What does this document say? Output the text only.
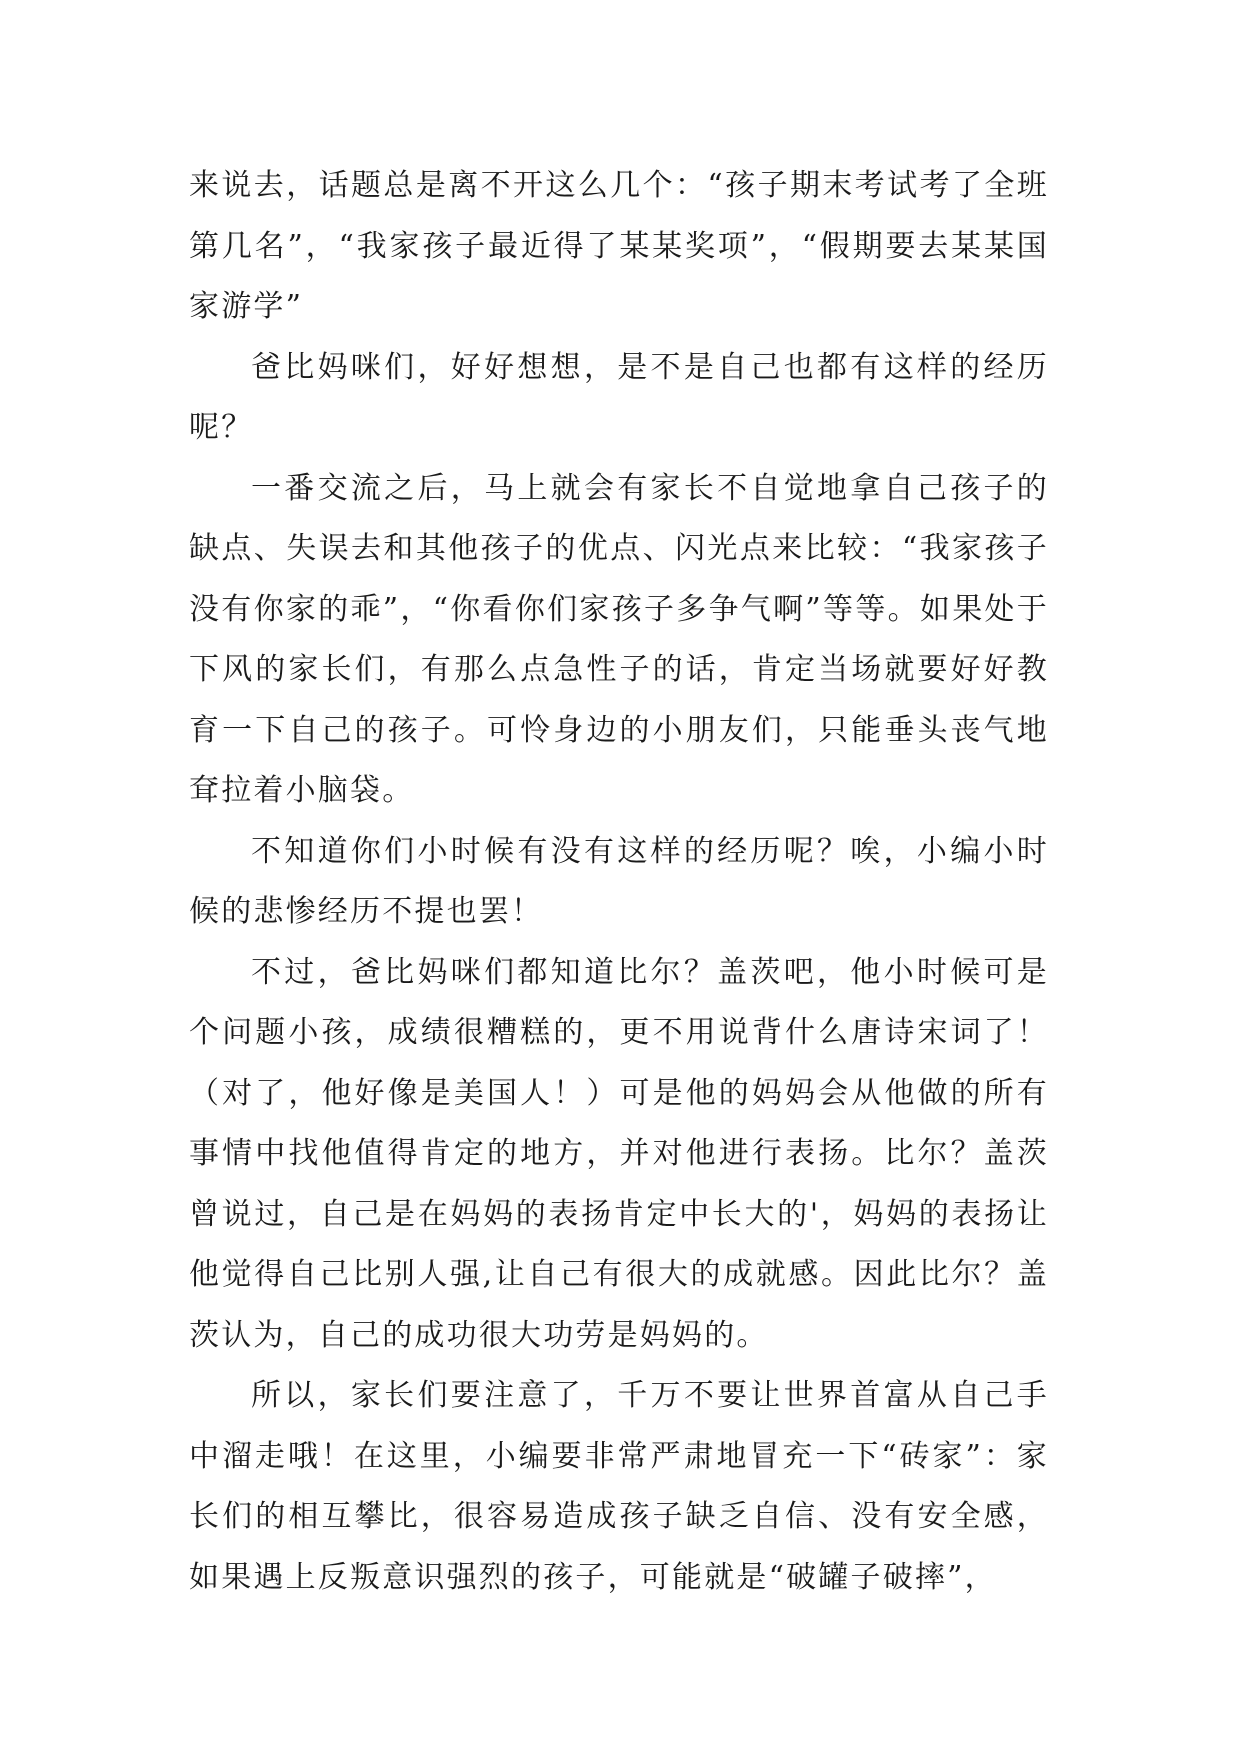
来说去，话题总是离不开这么几个：“孩子期末考试考了全班第几名”，“我家孩子最近得了某某奖项”，“假期要去某某国家游学”

爸比妈咪们，好好想想，是不是自己也都有这样的经历呢？

一番交流之后，马上就会有家长不自觉地拿自己孩子的缺点、失误去和其他孩子的优点、闪光点来比较：“我家孩子没有你家的乖”，“你看你们家孩子多争气啊”等等。如果处于下风的家长们，有那么点急性子的话，肯定当场就要好好教育一下自己的孩子。可怜身边的小朋友们，只能垂头丧气地耷拉着小脑袋。

不知道你们小时候有没有这样的经历呢？唉，小编小时候的悲惨经历不提也罢！

不过，爸比妈咪们都知道比尔？盖茨吧，他小时候可是个问题小孩，成绩很糟糕的，更不用说背什么唐诗宋词了！（对了，他好像是美国人！）可是他的妈妈会从他做的所有事情中找他值得肯定的地方，并对他进行表扬。比尔？盖茨曾说过，自己是在妈妈的表扬肯定中长大的'，妈妈的表扬让他觉得自己比别人强,让自己有很大的成就感。因此比尔？盖茨认为，自己的成功很大功劳是妈妈的。

所以，家长们要注意了，千万不要让世界首富从自己手中溜走哦！在这里，小编要非常严肃地冒充一下“砖家”：家长们的相互攀比，很容易造成孩子缺乏自信、没有安全感，如果遇上反叛意识强烈的孩子，可能就是“破罐子破摔”，
